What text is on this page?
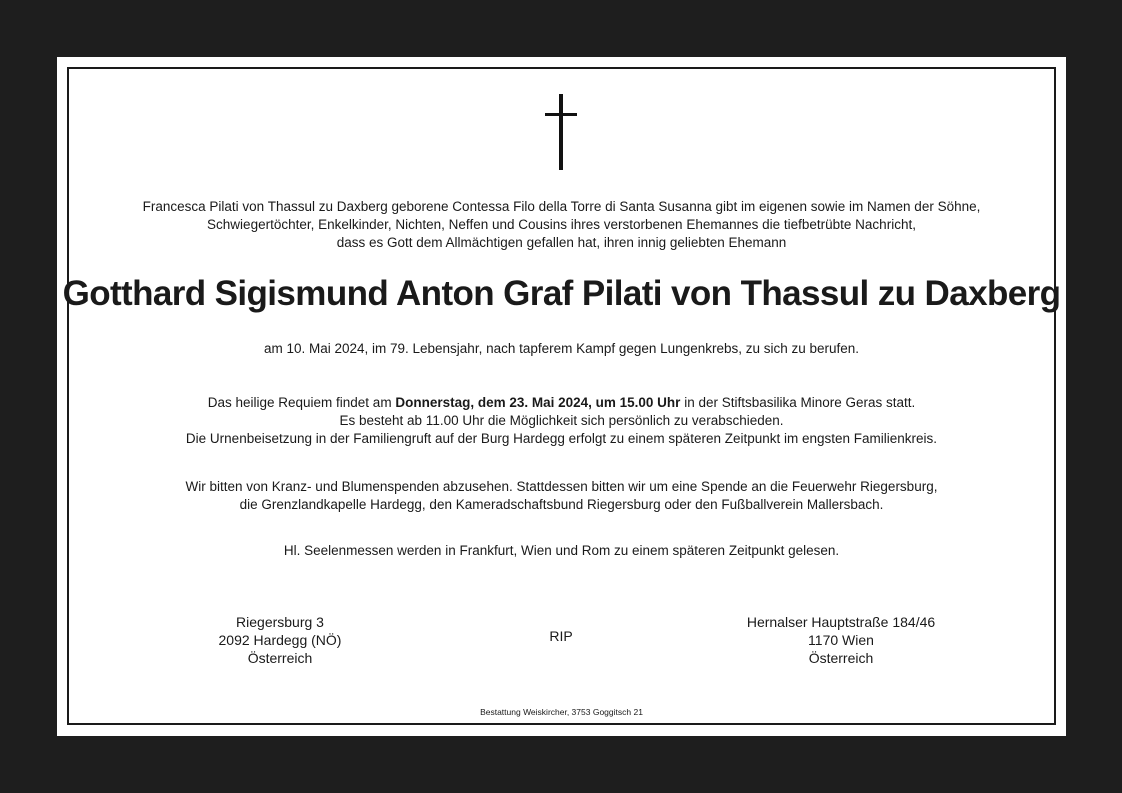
Francesca Pilati von Thassul zu Daxberg geborene Contessa Filo della Torre di Santa Susanna gibt im eigenen sowie im Namen der Söhne,
Schwiegertöchter, Enkelkinder, Nichten, Neffen und Cousins ihres verstorbenen Ehemannes die tiefbetrübte Nachricht,
dass es Gott dem Allmächtigen gefallen hat, ihren innig geliebten Ehemann
Gotthard Sigismund Anton Graf Pilati von Thassul zu Daxberg
am 10. Mai 2024, im 79. Lebensjahr, nach tapferem Kampf gegen Lungenkrebs, zu sich zu berufen.
Das heilige Requiem findet am Donnerstag, dem 23. Mai 2024, um 15.00 Uhr in der Stiftsbasilika Minore Geras statt.
Es besteht ab 11.00 Uhr die Möglichkeit sich persönlich zu verabschieden.
Die Urnenbeisetzung in der Familiengruft auf der Burg Hardegg erfolgt zu einem späteren Zeitpunkt im engsten Familienkreis.
Wir bitten von Kranz- und Blumenspenden abzusehen. Stattdessen bitten wir um eine Spende an die Feuerwehr Riegersburg,
die Grenzlandkapelle Hardegg, den Kameradschaftsbund Riegersburg oder den Fußballverein Mallersbach.
Hl. Seelenmessen werden in Frankfurt, Wien und Rom zu einem späteren Zeitpunkt gelesen.
Riegersburg 3
2092 Hardegg (NÖ)
Österreich
RIP
Hernalser Hauptstraße 184/46
1170 Wien
Österreich
Bestattung Weiskircher, 3753 Goggitsch 21
